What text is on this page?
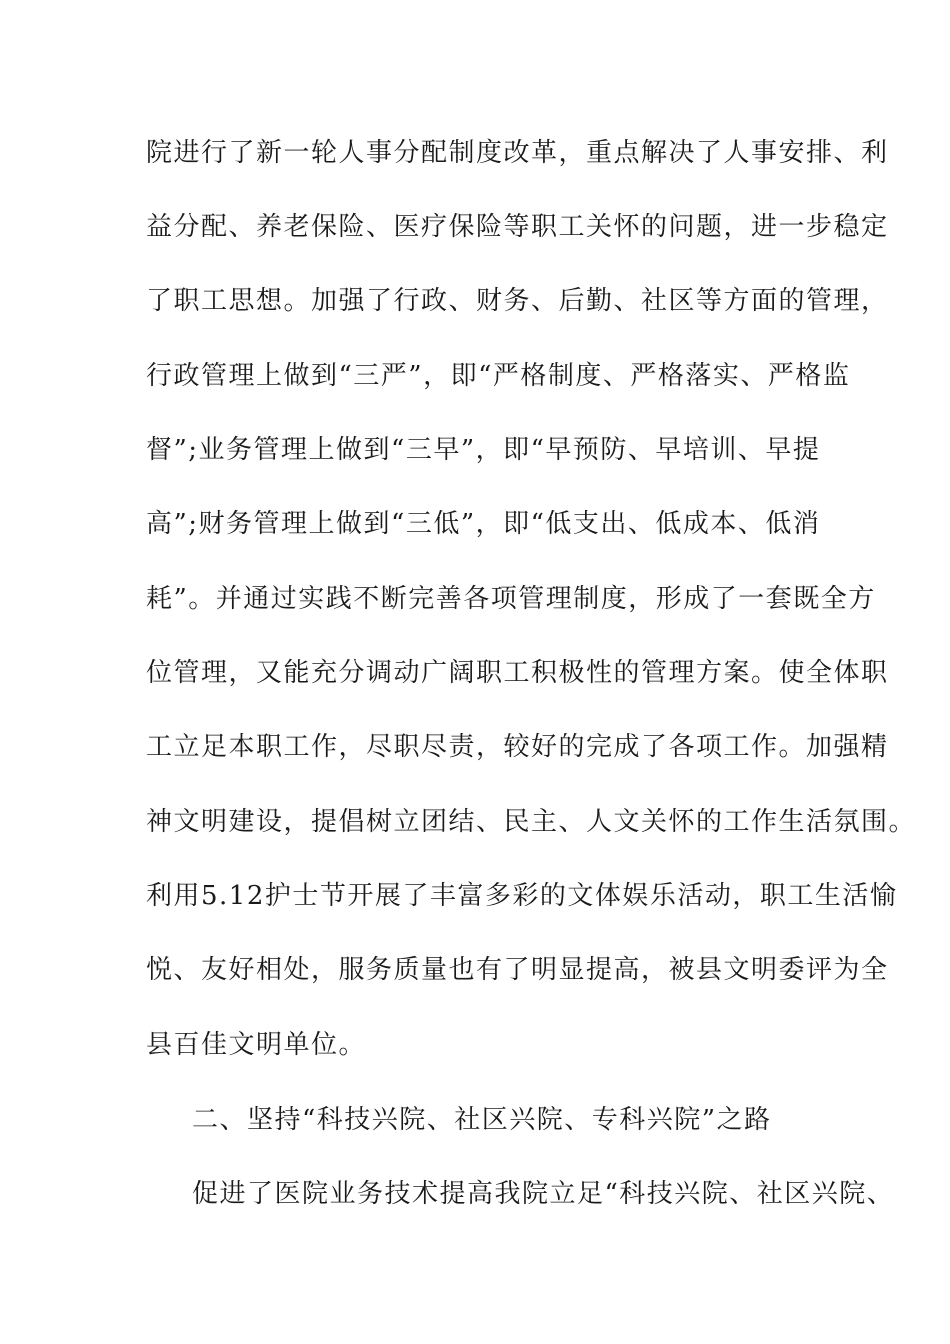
院进行了新一轮人事分配制度改革，重点解决了人事安排、利
益分配、养老保险、医疗保险等职工关怀的问题，进一步稳定
了职工思想。加强了行政、财务、后勤、社区等方面的管理，
行政管理上做到“三严”，即“严格制度、严格落实、严格监
督”;业务管理上做到“三早”，即“早预防、早培训、早提
高”;财务管理上做到“三低”，即“低支出、低成本、低消
耗”。并通过实践不断完善各项管理制度，形成了一套既全方
位管理，又能充分调动广阔职工积极性的管理方案。使全体职
工立足本职工作，尽职尽责，较好的完成了各项工作。加强精
神文明建设，提倡树立团结、民主、人文关怀的工作生活氛围。
利用5.12护士节开展了丰富多彩的文体娱乐活动，职工生活愉
悦、友好相处，服务质量也有了明显提高，被县文明委评为全
县百佳文明单位。
二、坚持“科技兴院、社区兴院、专科兴院”之路
促进了医院业务技术提高我院立足“科技兴院、社区兴院、
